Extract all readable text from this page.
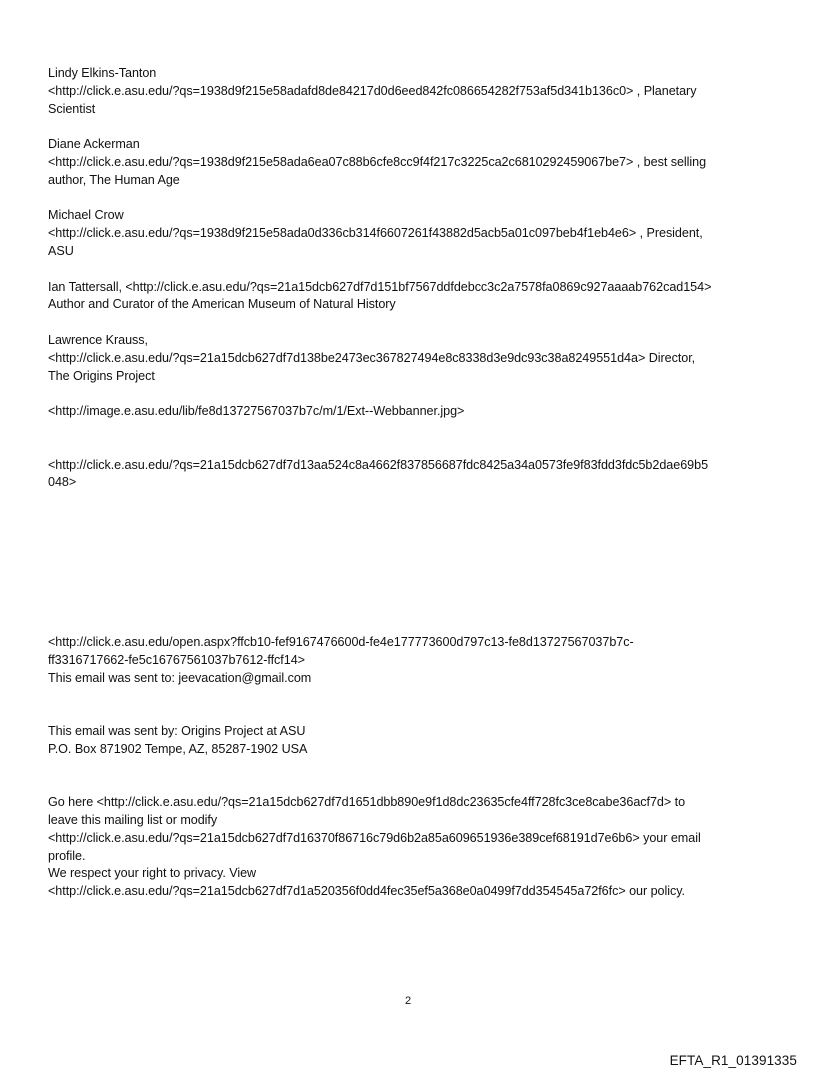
Lindy Elkins-Tanton
<http://click.e.asu.edu/?qs=1938d9f215e58adafd8de84217d0d6eed842fc086654282f753af5d341b136c0> , Planetary
Scientist
Diane Ackerman
<http://click.e.asu.edu/?qs=1938d9f215e58ada6ea07c88b6cfe8cc9f4f217c3225ca2c6810292459067be7> , best selling
author, The Human Age
Michael Crow
<http://click.e.asu.edu/?qs=1938d9f215e58ada0d336cb314f6607261f43882d5acb5a01c097beb4f1eb4e6> , President,
ASU
Ian Tattersall, <http://click.e.asu.edu/?qs=21a15dcb627df7d151bf7567ddfdebcc3c2a7578fa0869c927aaaab762cad154>
Author and Curator of the American Museum of Natural History
Lawrence Krauss,
<http://click.e.asu.edu/?qs=21a15dcb627df7d138be2473ec367827494e8c8338d3e9dc93c38a8249551d4a> Director,
The Origins Project
<http://image.e.asu.edu/lib/fe8d13727567037b7c/m/1/Ext--Webbanner.jpg>
<http://click.e.asu.edu/?qs=21a15dcb627df7d13aa524c8a4662f837856687fdc8425a34a0573fe9f83fdd3fdc5b2dae69b5
048>
<http://click.e.asu.edu/open.aspx?ffcb10-fef9167476600d-fe4e177773600d797c13-fe8d13727567037b7c-
ff3316717662-fe5c16767561037b7612-ffcf14>
This email was sent to: jeevacation@gmail.com
This email was sent by: Origins Project at ASU
P.O. Box 871902 Tempe, AZ, 85287-1902 USA
Go here <http://click.e.asu.edu/?qs=21a15dcb627df7d1651dbb890e9f1d8dc23635cfe4ff728fc3ce8cabe36acf7d> to
leave this mailing list or modify
<http://click.e.asu.edu/?qs=21a15dcb627df7d16370f86716c79d6b2a85a609651936e389cef68191d7e6b6> your email
profile.
We respect your right to privacy. View
<http://click.e.asu.edu/?qs=21a15dcb627df7d1a520356f0dd4fec35ef5a368e0a0499f7dd354545a72f6fc> our policy.
2
EFTA_R1_01391335
